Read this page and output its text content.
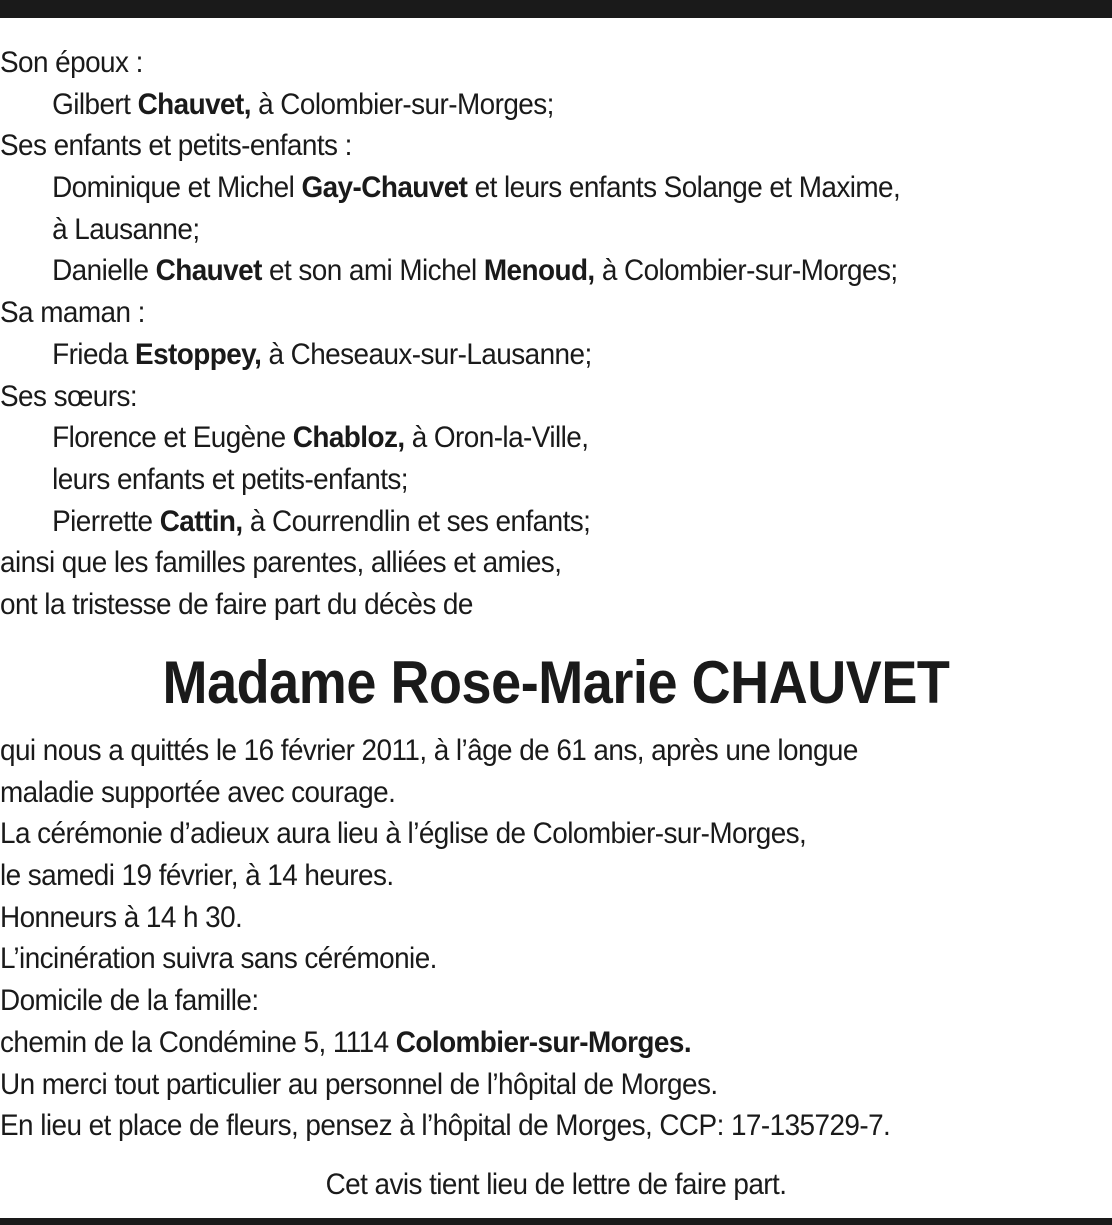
Son époux :
Gilbert Chauvet, à Colombier-sur-Morges;
Ses enfants et petits-enfants :
Dominique et Michel Gay-Chauvet et leurs enfants Solange et Maxime,
à Lausanne;
Danielle Chauvet et son ami Michel Menoud, à Colombier-sur-Morges;
Sa maman :
Frieda Estoppey, à Cheseaux-sur-Lausanne;
Ses sœurs:
Florence et Eugène Chabloz, à Oron-la-Ville,
leurs enfants et petits-enfants;
Pierrette Cattin, à Courrendlin et ses enfants;
ainsi que les familles parentes, alliées et amies,
ont la tristesse de faire part du décès de
Madame Rose-Marie CHAUVET
qui nous a quittés le 16 février 2011, à l’âge de 61 ans, après une longue
maladie supportée avec courage.
La cérémonie d’adieux aura lieu à l’église de Colombier-sur-Morges,
le samedi 19 février, à 14 heures.
Honneurs à 14 h 30.
L’incinération suivra sans cérémonie.
Domicile de la famille:
chemin de la Condémine 5, 1114 Colombier-sur-Morges.
Un merci tout particulier au personnel de l’hôpital de Morges.
En lieu et place de fleurs, pensez à l’hôpital de Morges, CCP: 17-135729-7.
Cet avis tient lieu de lettre de faire part.
